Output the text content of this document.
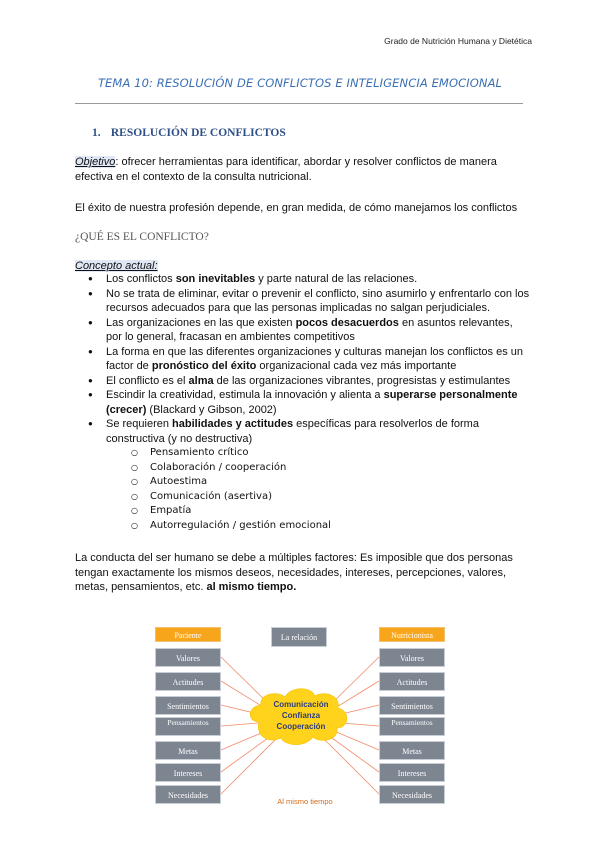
Grado de Nutrición Humana y Dietética
TEMA 10: RESOLUCIÓN DE CONFLICTOS E INTELIGENCIA EMOCIONAL
1. RESOLUCIÓN DE CONFLICTOS
Objetivo: ofrecer herramientas para identificar, abordar y resolver conflictos de manera efectiva en el contexto de la consulta nutricional.
El éxito de nuestra profesión depende, en gran medida, de cómo manejamos los conflictos
¿QUÉ ES EL CONFLICTO?
Concepto actual:
● Los conflictos son inevitables y parte natural de las relaciones.
● No se trata de eliminar, evitar o prevenir el conflicto, sino asumirlo y enfrentarlo con los recursos adecuados para que las personas implicadas no salgan perjudiciales.
● Las organizaciones en las que existen pocos desacuerdos en asuntos relevantes, por lo general, fracasan en ambientes competitivos
● La forma en que las diferentes organizaciones y culturas manejan los conflictos es un factor de pronóstico del éxito organizacional cada vez más importante
● El conflicto es el alma de las organizaciones vibrantes, progresistas y estimulantes
● Escindir la creatividad, estimula la innovación y alienta a superarse personalmente (crecer) (Blackard y Gibson, 2002)
● Se requieren habilidades y actitudes específicas para resolverlos de forma constructiva (y no destructiva)
○ Pensamiento crítico
○ Colaboración / cooperación
○ Autoestima
○ Comunicación (asertiva)
○ Empatía
○ Autorregulación / gestión emocional
La conducta del ser humano se debe a múltiples factores: Es imposible que dos personas tengan exactamente los mismos deseos, necesidades, intereses, percepciones, valores, metas, pensamientos, etc. al mismo tiempo.
Paciente	Nutricionista
La relación
Valores
Actitudes
Sentimientos
Pensamientos
Metas
Intereses
Necesidades
Valores
Actitudes
Sentimientos
Pensamientos
Metas
Intereses
Necesidades
Comunicación
Confianza
Cooperación
Al mismo tiempo
